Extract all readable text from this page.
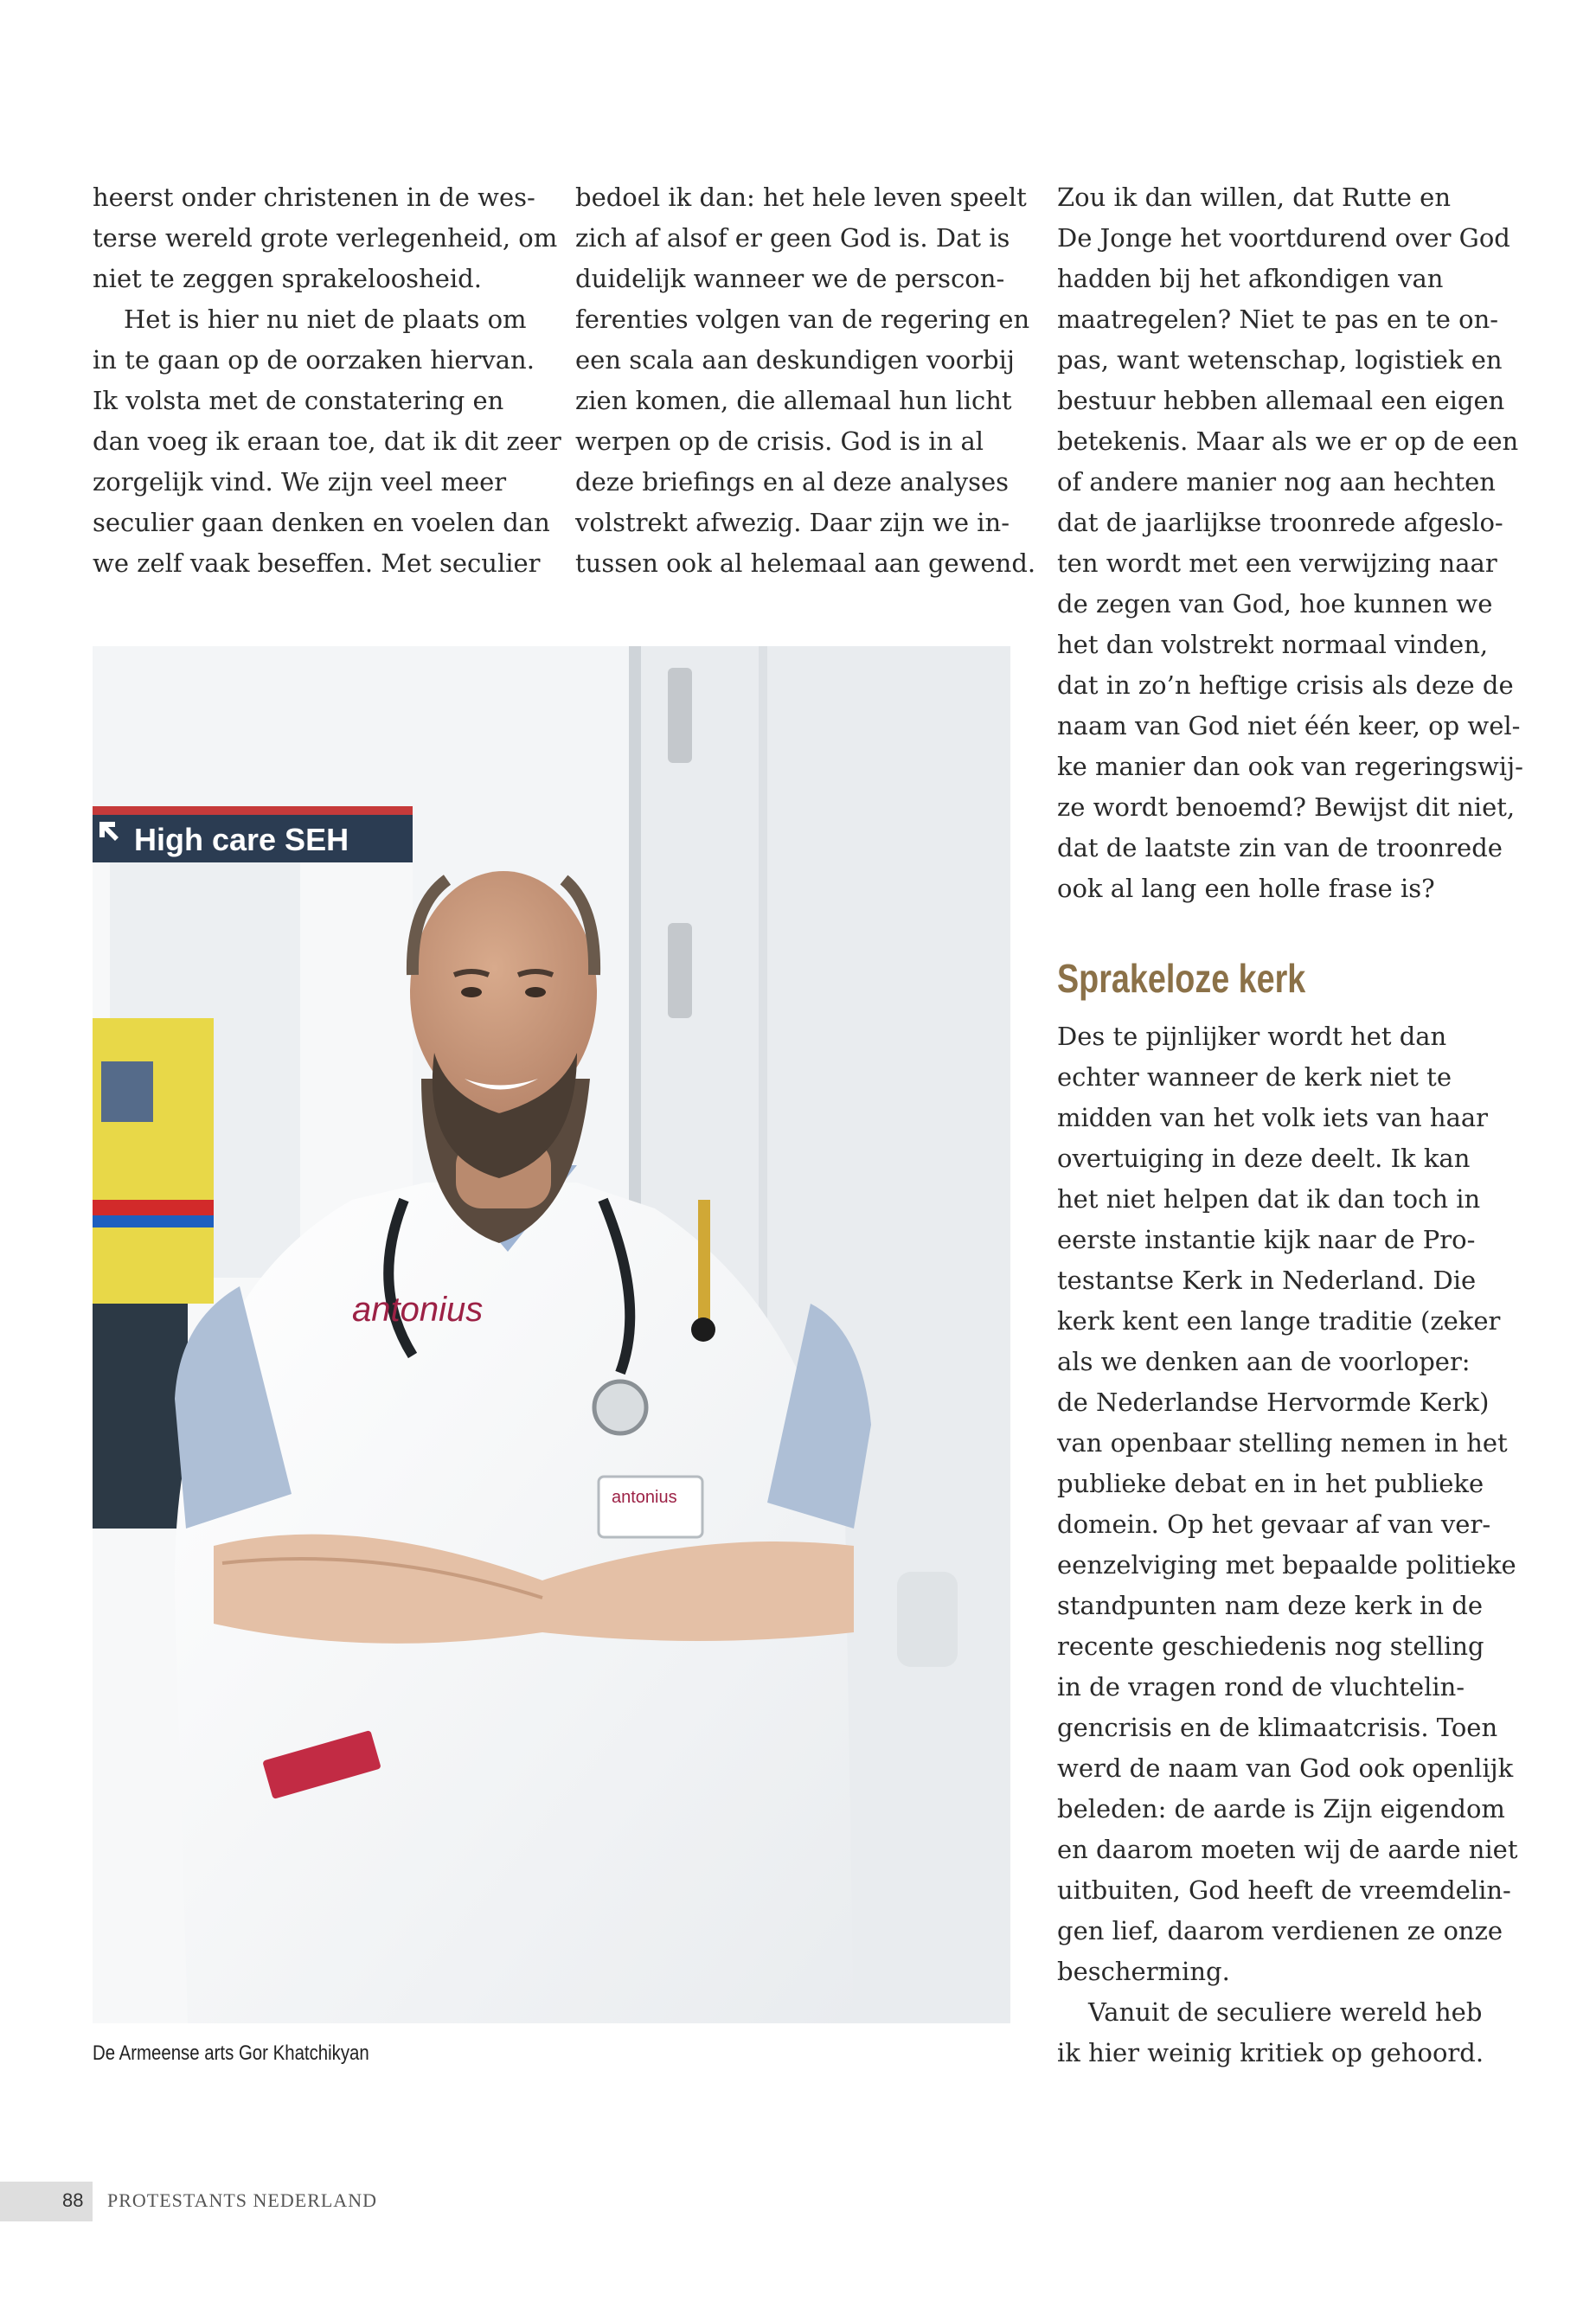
heerst onder christenen in de wes-
terse wereld grote verlegenheid, om
niet te zeggen sprakeloosheid.

Het is hier nu niet de plaats om
in te gaan op de oorzaken hiervan.
Ik volsta met de constatering en
dan voeg ik eraan toe, dat ik dit zeer
zorgelijk vind. We zijn veel meer
seculier gaan denken en voelen dan
we zelf vaak beseffen. Met seculier

bedoel ik dan: het hele leven speelt
zich af alsof er geen God is. Dat is
duidelijk wanneer we de perscon-
ferenties volgen van de regering en
een scala aan deskundigen voorbij
zien komen, die allemaal hun licht
werpen op de crisis. God is in al
deze briefings en al deze analyses
volstrekt afwezig. Daar zijn we in-
tussen ook al helemaal aan gewend.

Zou ik dan willen, dat Rutte en
De Jonge het voortdurend over God
hadden bij het afkondigen van
maatregelen? Niet te pas en te on-
pas, want wetenschap, logistiek en
bestuur hebben allemaal een eigen
betekenis. Maar als we er op de een
of andere manier nog aan hechten
dat de jaarlijkse troonrede afgeslo-
ten wordt met een verwijzing naar
de zegen van God, hoe kunnen we
het dan volstrekt normaal vinden,
dat in zo’n heftige crisis als deze de
naam van God niet één keer, op wel-
ke manier dan ook van regeringswij-
ze wordt benoemd? Bewijst dit niet,
dat de laatste zin van de troonrede
ook al lang een holle frase is?

Sprakeloze kerk

Des te pijnlijker wordt het dan
echter wanneer de kerk niet te
midden van het volk iets van haar
overtuiging in deze deelt. Ik kan
het niet helpen dat ik dan toch in
eerste instantie kijk naar de Pro-
testantse Kerk in Nederland. Die
kerk kent een lange traditie (zeker
als we denken aan de voorloper:
de Nederlandse Hervormde Kerk)
van openbaar stelling nemen in het
publieke debat en in het publieke
domein. Op het gevaar af van ver-
eenzelviging met bepaalde politieke
standpunten nam deze kerk in de
recente geschiedenis nog stelling
in de vragen rond de vluchtelin-
gencrisis en de klimaatcrisis. Toen
werd de naam van God ook openlijk
beleden: de aarde is Zijn eigendom
en daarom moeten wij de aarde niet
uitbuiten, God heeft de vreemdelin-
gen lief, daarom verdienen ze onze
bescherming.

Vanuit de seculiere wereld heb
ik hier weinig kritiek op gehoord.

High care SEH
antonius
antonius
De Armeense arts Gor Khatchikyan
88 PROTESTANTS NEDERLAND
